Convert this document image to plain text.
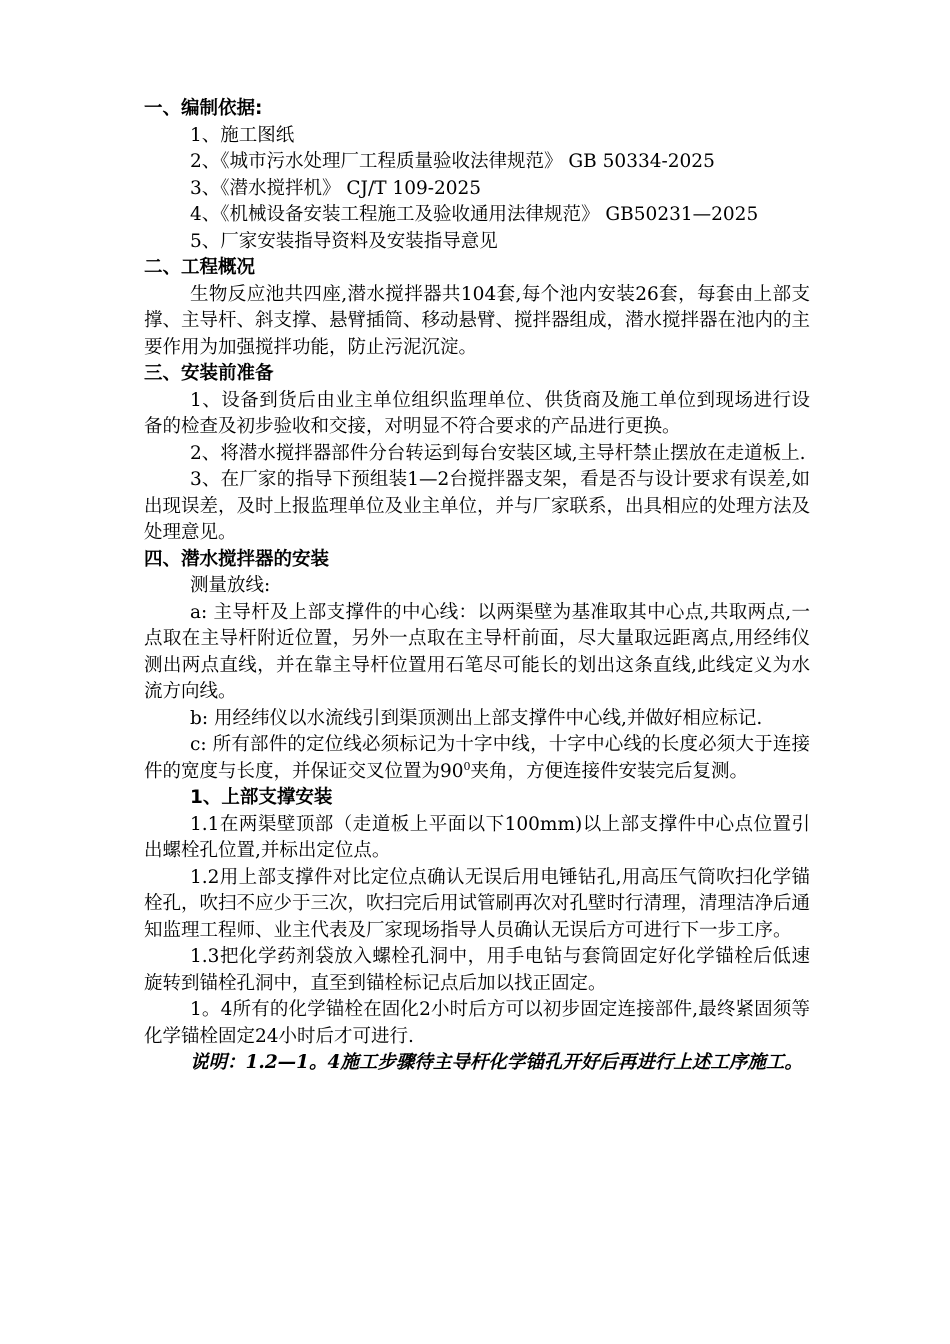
一、编制依据:

1、施工图纸

2、《城市污水处理厂工程质量验收法律规范》 GB 50334-2025

3、《潜水搅拌机》 CJ/T 109-2025

4、《机械设备安装工程施工及验收通用法律规范》 GB50231—2025

5、厂家安装指导资料及安装指导意见

二、工程概况

生物反应池共四座,潜水搅拌器共104套,每个池内安装26套，每套由上部支撑、主导杆、斜支撑、悬臂插筒、移动悬臂、搅拌器组成，潜水搅拌器在池内的主要作用为加强搅拌功能，防止污泥沉淀。

三、安装前准备

1、设备到货后由业主单位组织监理单位、供货商及施工单位到现场进行设备的检查及初步验收和交接，对明显不符合要求的产品进行更换。

2、将潜水搅拌器部件分台转运到每台安装区域,主导杆禁止摆放在走道板上.

3、在厂家的指导下预组装1—2台搅拌器支架，看是否与设计要求有误差,如出现误差，及时上报监理单位及业主单位，并与厂家联系，出具相应的处理方法及处理意见。

四、潜水搅拌器的安装

测量放线:

a: 主导杆及上部支撑件的中心线：以两渠壁为基准取其中心点,共取两点,一点取在主导杆附近位置，另外一点取在主导杆前面，尽大量取远距离点,用经纬仪测出两点直线，并在靠主导杆位置用石笔尽可能长的划出这条直线,此线定义为水流方向线。

b: 用经纬仪以水流线引到渠顶测出上部支撑件中心线,并做好相应标记.

c: 所有部件的定位线必须标记为十字中线，十字中心线的长度必须大于连接件的宽度与长度，并保证交叉位置为$90^0$夹角，方便连接件安装完后复测。

1、上部支撑安装

1.1在两渠壁顶部（走道板上平面以下100mm)以上部支撑件中心点位置引出螺栓孔位置,并标出定位点。

1.2用上部支撑件对比定位点确认无误后用电锤钻孔,用高压气筒吹扫化学锚栓孔，吹扫不应少于三次，吹扫完后用试管刷再次对孔壁时行清理，清理洁净后通知监理工程师、业主代表及厂家现场指导人员确认无误后方可进行下一步工序。

1.3把化学药剂袋放入螺栓孔洞中，用手电钻与套筒固定好化学锚栓后低速旋转到锚栓孔洞中，直至到锚栓标记点后加以找正固定。

1。4所有的化学锚栓在固化2小时后方可以初步固定连接部件,最终紧固须等化学锚栓固定24小时后才可进行.

说明：1.2—1。4施工步骤待主导杆化学锚孔开好后再进行上述工序施工。
